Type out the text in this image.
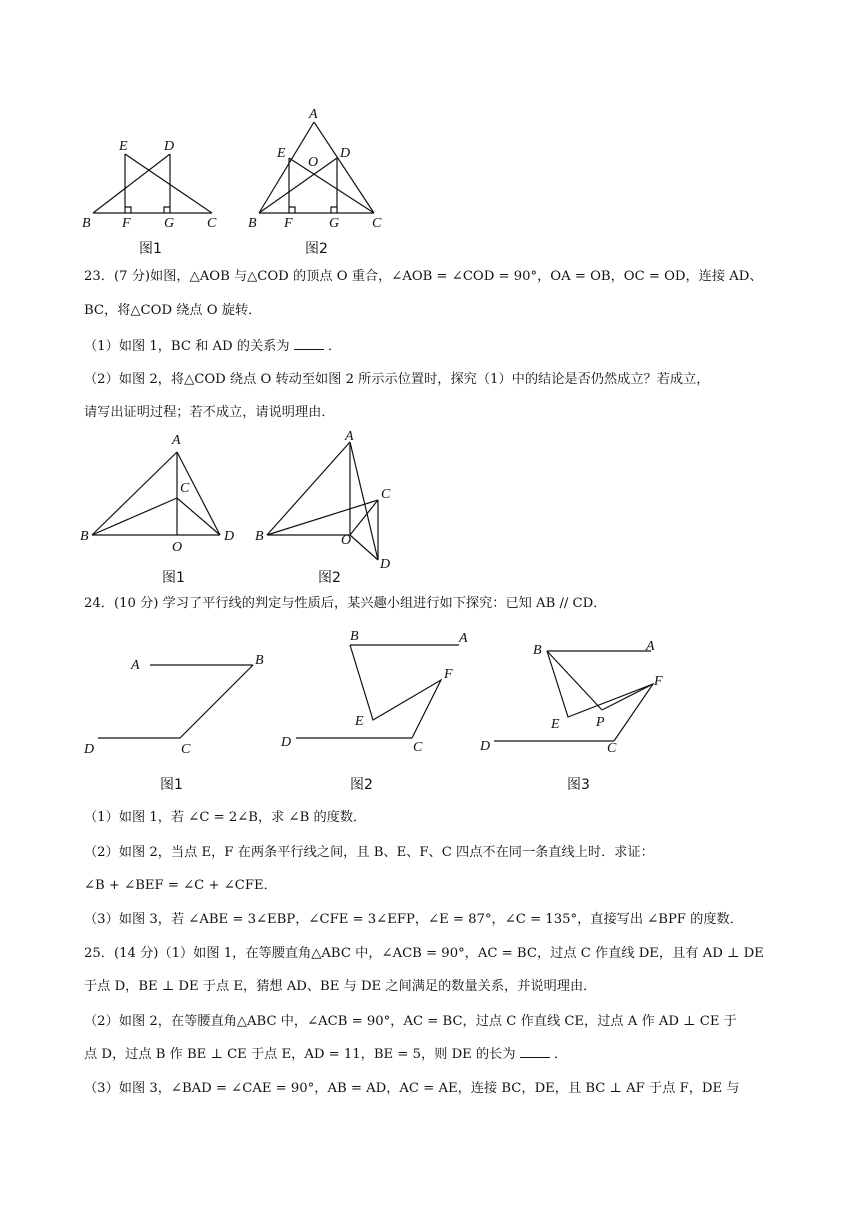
E	D
B F G C
图1
A
E
O
D
B F	G C
图2
23．(7 分)如图，△AOB 与△COD 的顶点 O 重合，∠AOB = ∠COD = 90°，OA = OB，OC = OD，连接 AD、
BC，将△COD 绕点 O 旋转．
（1）如图 1，BC 和 AD 的关系为	．
（2）如图 2，将△COD 绕点 O 转动至如图 2 所示示位置时，探究（1）中的结论是否仍然成立？若成立，
请写出证明过程；若不成立，请说明理由．
A
C
B
O
D
图1
A
C
B	O
D
图2
24．(10 分) 学习了平行线的判定与性质后，某兴趣小组进行如下探究：已知 AB // CD．
A	B
D	C
图1
B	A
F
E
D	C
图2
B	A
F
E	P
D	C
图3
（1）如图 1，若 ∠C = 2∠B，求 ∠B 的度数．
（2）如图 2，当点 E，F 在两条平行线之间，且 B、E、F、C 四点不在同一条直线上时．求证：
∠B + ∠BEF = ∠C + ∠CFE．
（3）如图 3，若 ∠ABE = 3∠EBP，∠CFE = 3∠EFP，∠E = 87°，∠C = 135°，直接写出 ∠BPF 的度数．
25．(14 分)（1）如图 1，在等腰直角△ABC 中，∠ACB = 90°，AC = BC，过点 C 作直线 DE，且有 AD ⊥ DE
于点 D，BE ⊥ DE 于点 E，猜想 AD、BE 与 DE 之间满足的数量关系，并说明理由．
（2）如图 2，在等腰直角△ABC 中，∠ACB = 90°，AC = BC，过点 C 作直线 CE，过点 A 作 AD ⊥ CE 于
点 D，过点 B 作 BE ⊥ CE 于点 E，AD = 11，BE = 5，则 DE 的长为	．
（3）如图 3，∠BAD = ∠CAE = 90°，AB = AD，AC = AE，连接 BC，DE，且 BC ⊥ AF 于点 F，DE 与
